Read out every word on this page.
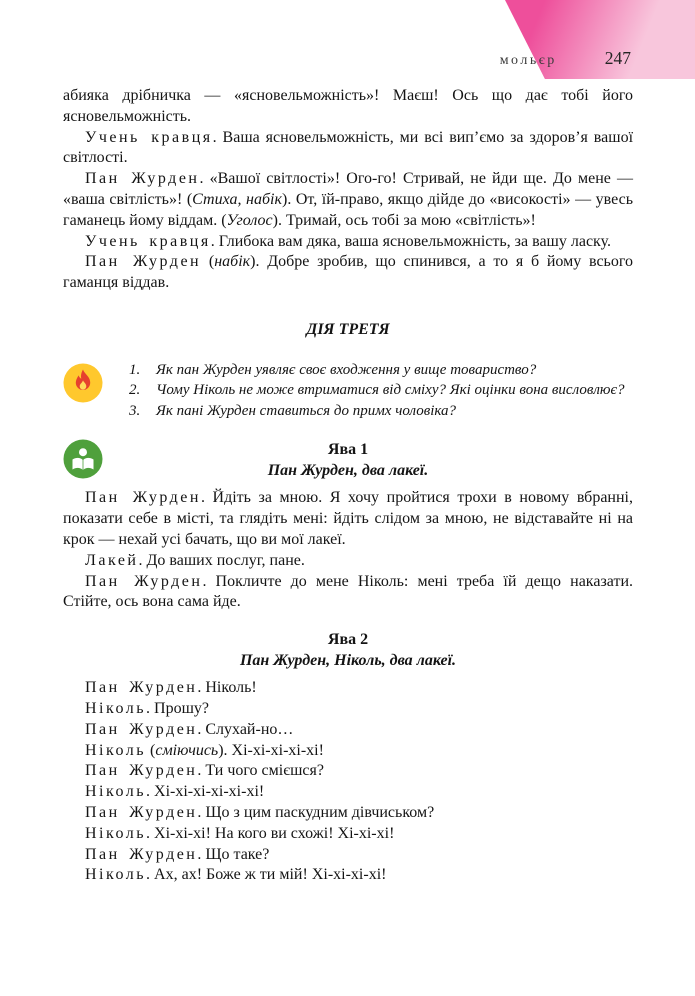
мольєр	247

абияка дрібничка — «ясновельможність»! Маєш! Ось що дає тобі його ясновельможність.

Учень кравця. Ваша ясновельможність, ми всі вип’ємо за здоров’я вашої світлості.

Пан Журден. «Вашої світлості»! Ого-го! Стривай, не йди ще. До мене — «ваша світлість»! (Стиха, набік). От, їй-право, якщо дійде до «високості» — увесь гаманець йому віддам. (Уголос). Тримай, ось тобі за мою «світлість»!

Учень кравця. Глибока вам дяка, ваша ясновельможність, за вашу ласку.

Пан Журден (набік). Добре зробив, що спинився, а то я б йому всього гаманця віддав.

ДІЯ ТРЕТЯ
1.	Як пан Журден уявляє своє входження у вище товариство?
2.	Чому Ніколь не може втриматися від сміху? Які оцінки вона висловлює?
3.	Як пані Журден ставиться до примх чоловіка?
Ява 1
Пан Журден, два лакеї.

Пан Журден. Йдіть за мною. Я хочу пройтися трохи в новому вбранні, показати себе в місті, та глядіть мені: йдіть слідом за мною, не відставайте ні на крок — нехай усі бачать, що ви мої лакеї.

Лакей. До ваших послуг, пане.

Пан Журден. Покличте до мене Ніколь: мені треба їй дещо наказати. Стійте, ось вона сама йде.

Ява 2
Пан Журден, Ніколь, два лакеї.

Пан Журден. Ніколь!

Ніколь. Прошу?

Пан Журден. Слухай-но…

Ніколь (сміючись). Хі-хі-хі-хі-хі!

Пан Журден. Ти чого смієшся?

Ніколь. Хі-хі-хі-хі-хі-хі!

Пан Журден. Що з цим паскудним дівчиськом?

Ніколь. Хі-хі-хі! На кого ви схожі! Хі-хі-хі!

Пан Журден. Що таке?

Ніколь. Ах, ах! Боже ж ти мій! Хі-хі-хі-хі!
